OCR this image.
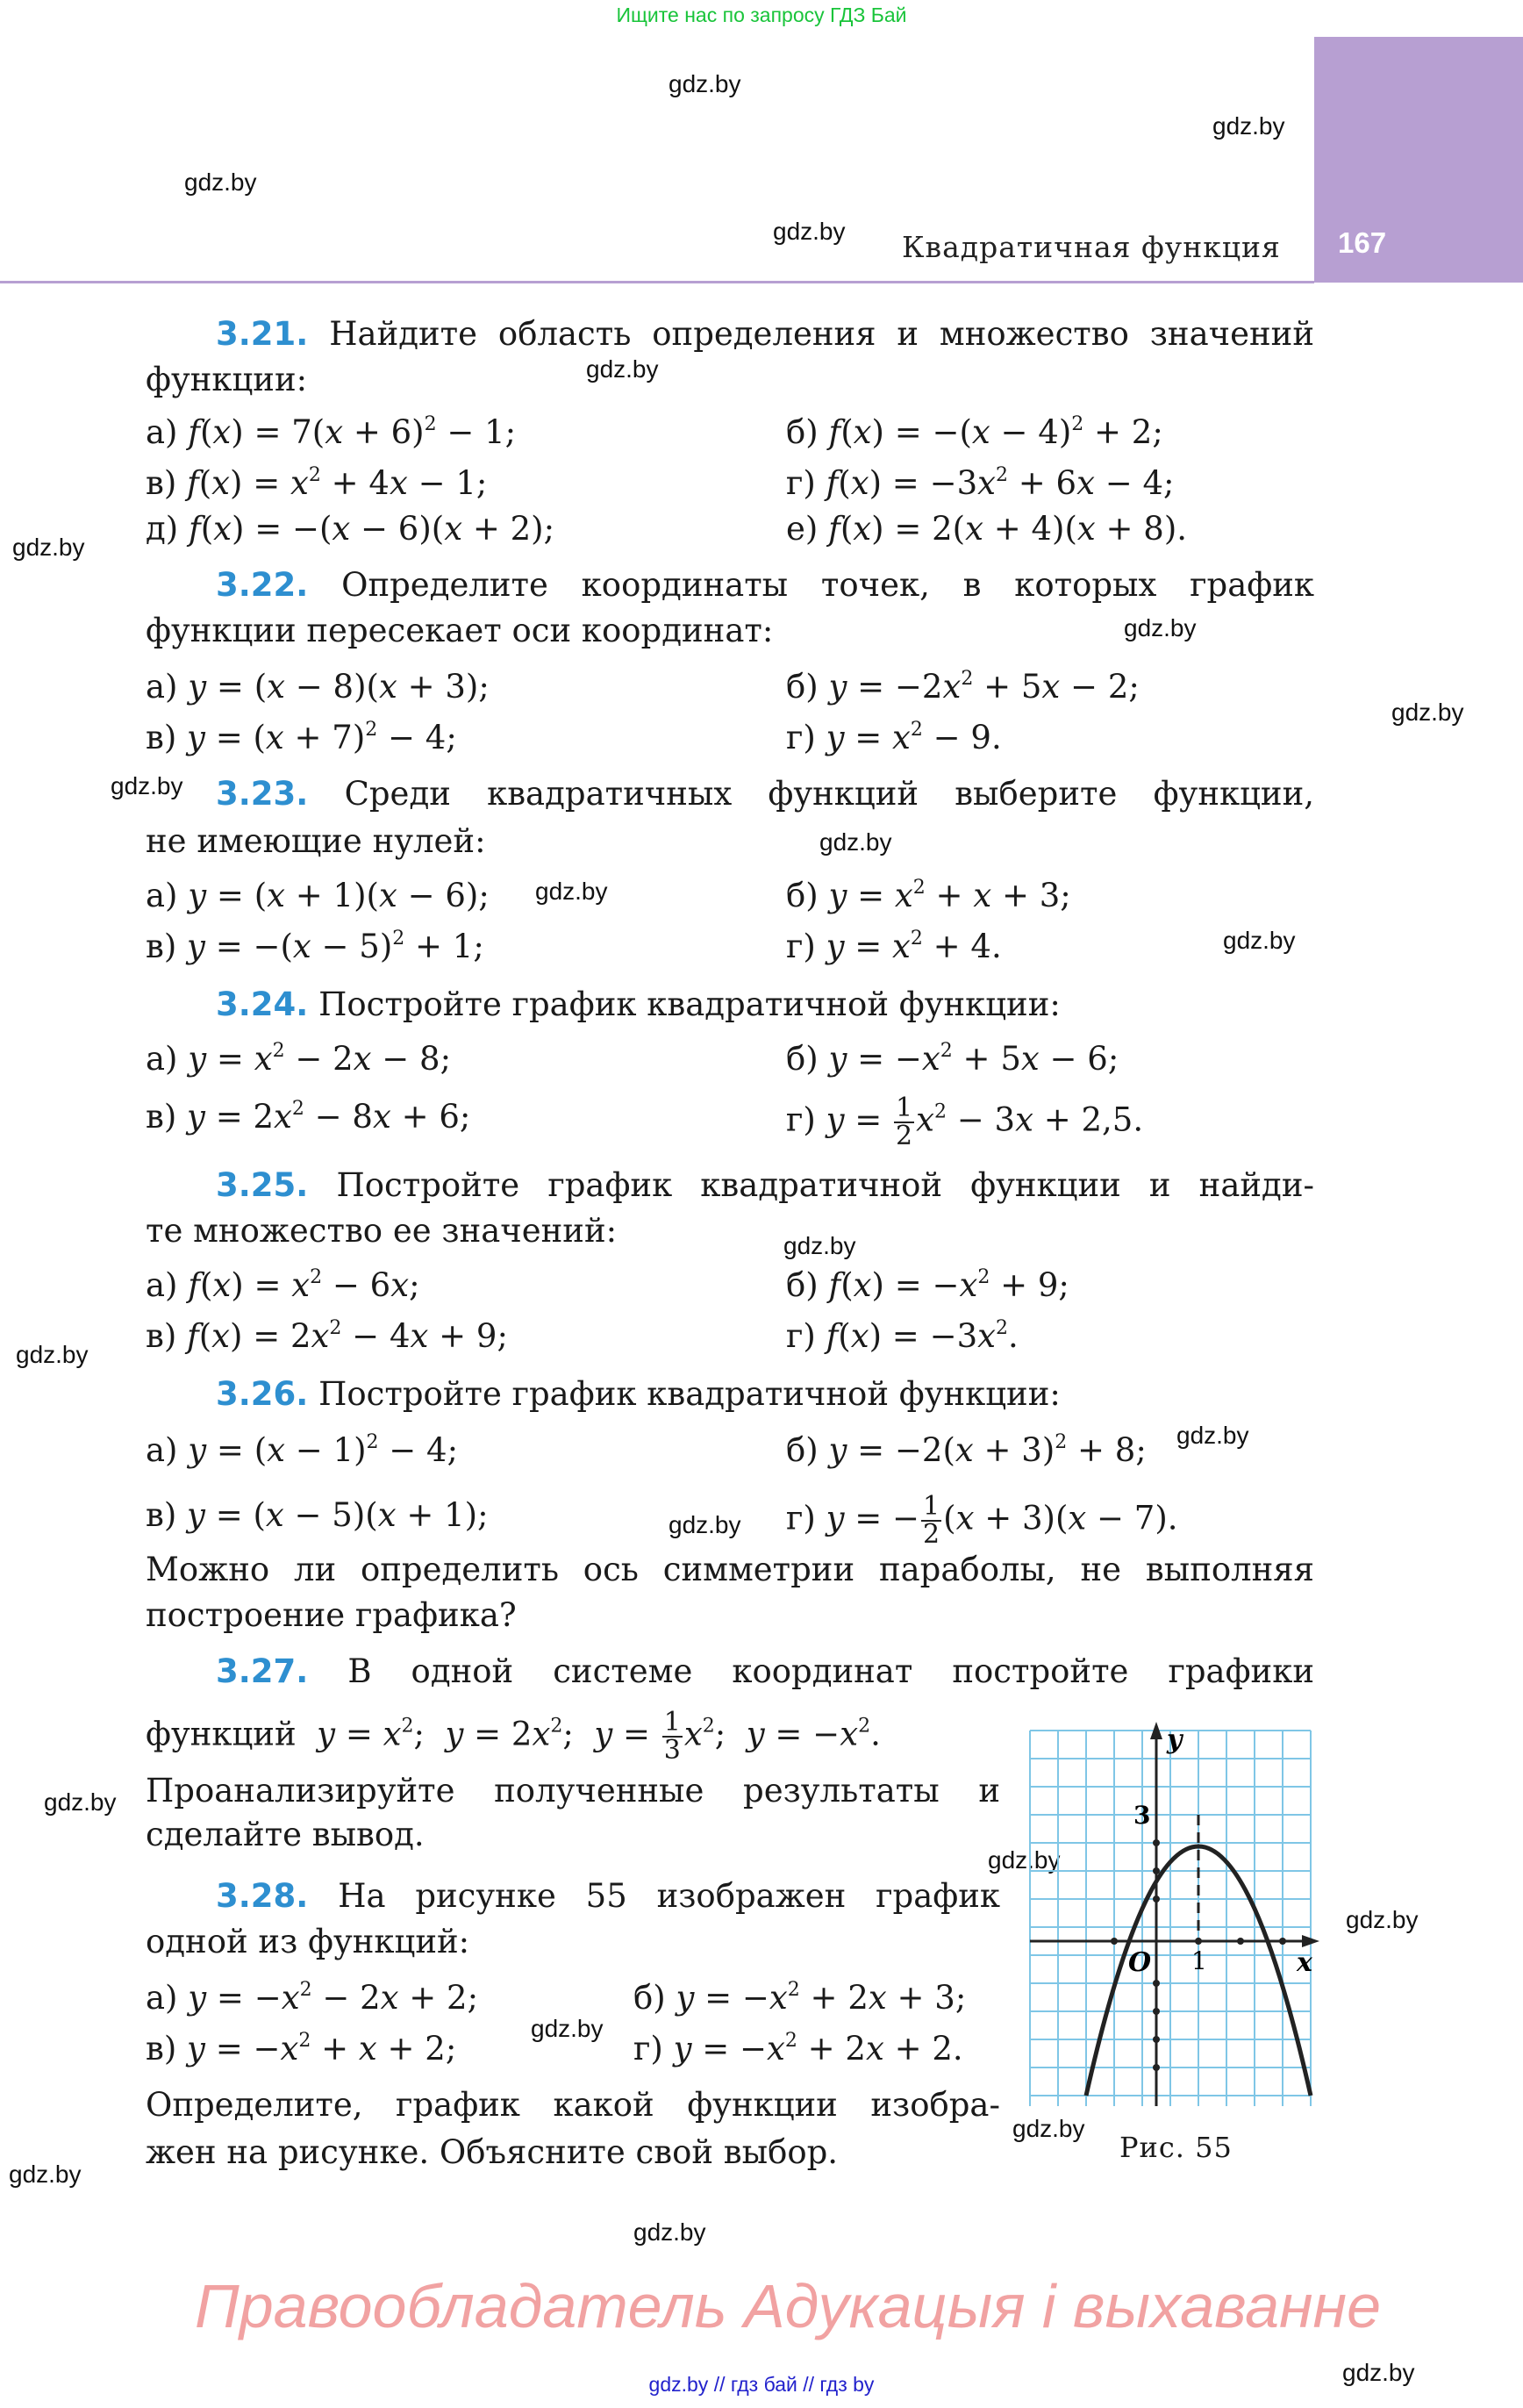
Ищите нас по запросу ГДЗ Бай
167
Квадратичная функция
gdz.by
gdz.by
gdz.by
gdz.by
gdz.by
gdz.by
gdz.by
gdz.by
gdz.by
gdz.by
gdz.by
gdz.by
gdz.by
gdz.by
gdz.by
gdz.by
gdz.by
gdz.by
gdz.by
gdz.by
gdz.by
gdz.by
gdz.by
gdz.by
3.21. Найдите область определения и множество значений
функции:
а) $f(x) = 7(x + 6)^2 - 1$;	б) $f(x) = -(x - 4)^2 + 2$;
в) $f(x) = x^2 + 4x - 1$;	г) $f(x) = -3x^2 + 6x - 4$;
д) f(x) = −(x − 6)(x + 2);	е) f(x) = 2(x + 4)(x + 8).
3.22. Определите координаты точек, в которых график
функции пересекает оси координат:
а) y = (x − 8)(x + 3);	б) $y = -2x^2 + 5x - 2$;
в) $y = (x + 7)^2 - 4$;	г) $y = x^2 - 9$.
3.23. Среди квадратичных функций выберите функции,
не имеющие нулей:
а) y = (x + 1)(x − 6);	б) $y = x^2 + x + 3$;
в) $y = -(x - 5)^2 + 1$;	г) $y = x^2 + 4$.
3.24. Постройте график квадратичной функции:
а) $y = x^2 - 2x - 8$;	б) $y = -x^2 + 5x - 6$;
в) $y = 2x^2 - 8x + 6$;	г) $y = \frac{1}{2} x^2 - 3x + 2,5$.
3.25. Постройте график квадратичной функции и найди-
те множество ее значений:
а) $f(x) = x^2 - 6x$;	б) $f(x) = -x^2 + 9$;
в) $f(x) = 2x^2 - 4x + 9$;	г) $f(x) = -3x^2$.
3.26. Постройте график квадратичной функции:
а) $y = (x - 1)^2 - 4$;	б) $y = -2(x + 3)^2 + 8$;
в) y = (x − 5)(x + 1);	г) y = − $\frac{1}{2} (x + 3)(x - 7)$.
Можно ли определить ось симметрии параболы, не выполняя
построение графика?
3.27. В одной системе координат постройте графики
функций $y = x^2$;  $y = 2x^2$;  $y = \frac{1}{3} x^2$;  $y = -x^2$.
Проанализируйте полученные результаты и
сделайте вывод.
3.28. На рисунке 55 изображен график
одной из функций:
а) $y = -x^2 - 2x + 2$;	б) $y = -x^2 + 2x + 3$;
в) $y = -x^2 + x + 2$;	г) $y = -x^2 + 2x + 2$.
Определите, график какой функции изобра-
жен на рисунке. Объясните свой выбор.
y
x
O 1
3
Рис. 55
Правообладатель Адукацыя і выхаванне
gdz.by // гдз бай // гдз by
